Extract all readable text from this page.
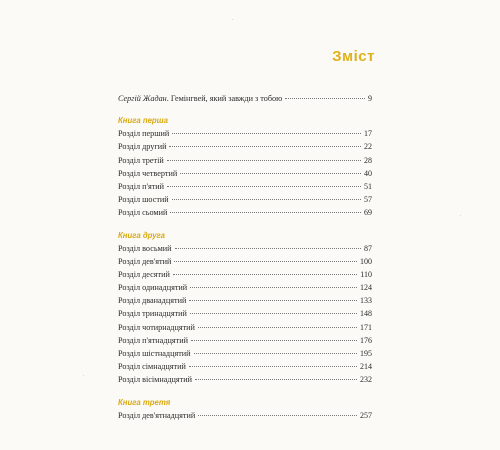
Зміст
Сергій Жадан. Гемінгвей, який завжди з тобою	9
Книга перша
Розділ перший	17
Розділ другий	22
Розділ третій	28
Розділ четвертий	40
Розділ п'ятий	51
Розділ шостий	57
Розділ сьомий	69
Книга друга
Розділ восьмий	87
Розділ дев'ятий	100
Розділ десятий	110
Розділ одинадцятий	124
Розділ дванадцятий	133
Розділ тринадцятий	148
Розділ чотирнадцятий	171
Розділ п'ятнадцятий	176
Розділ шістнадцятий	195
Розділ сімнадцятий	214
Розділ вісімнадцятий	232
Книга третя
Розділ дев'ятнадцятий	257
